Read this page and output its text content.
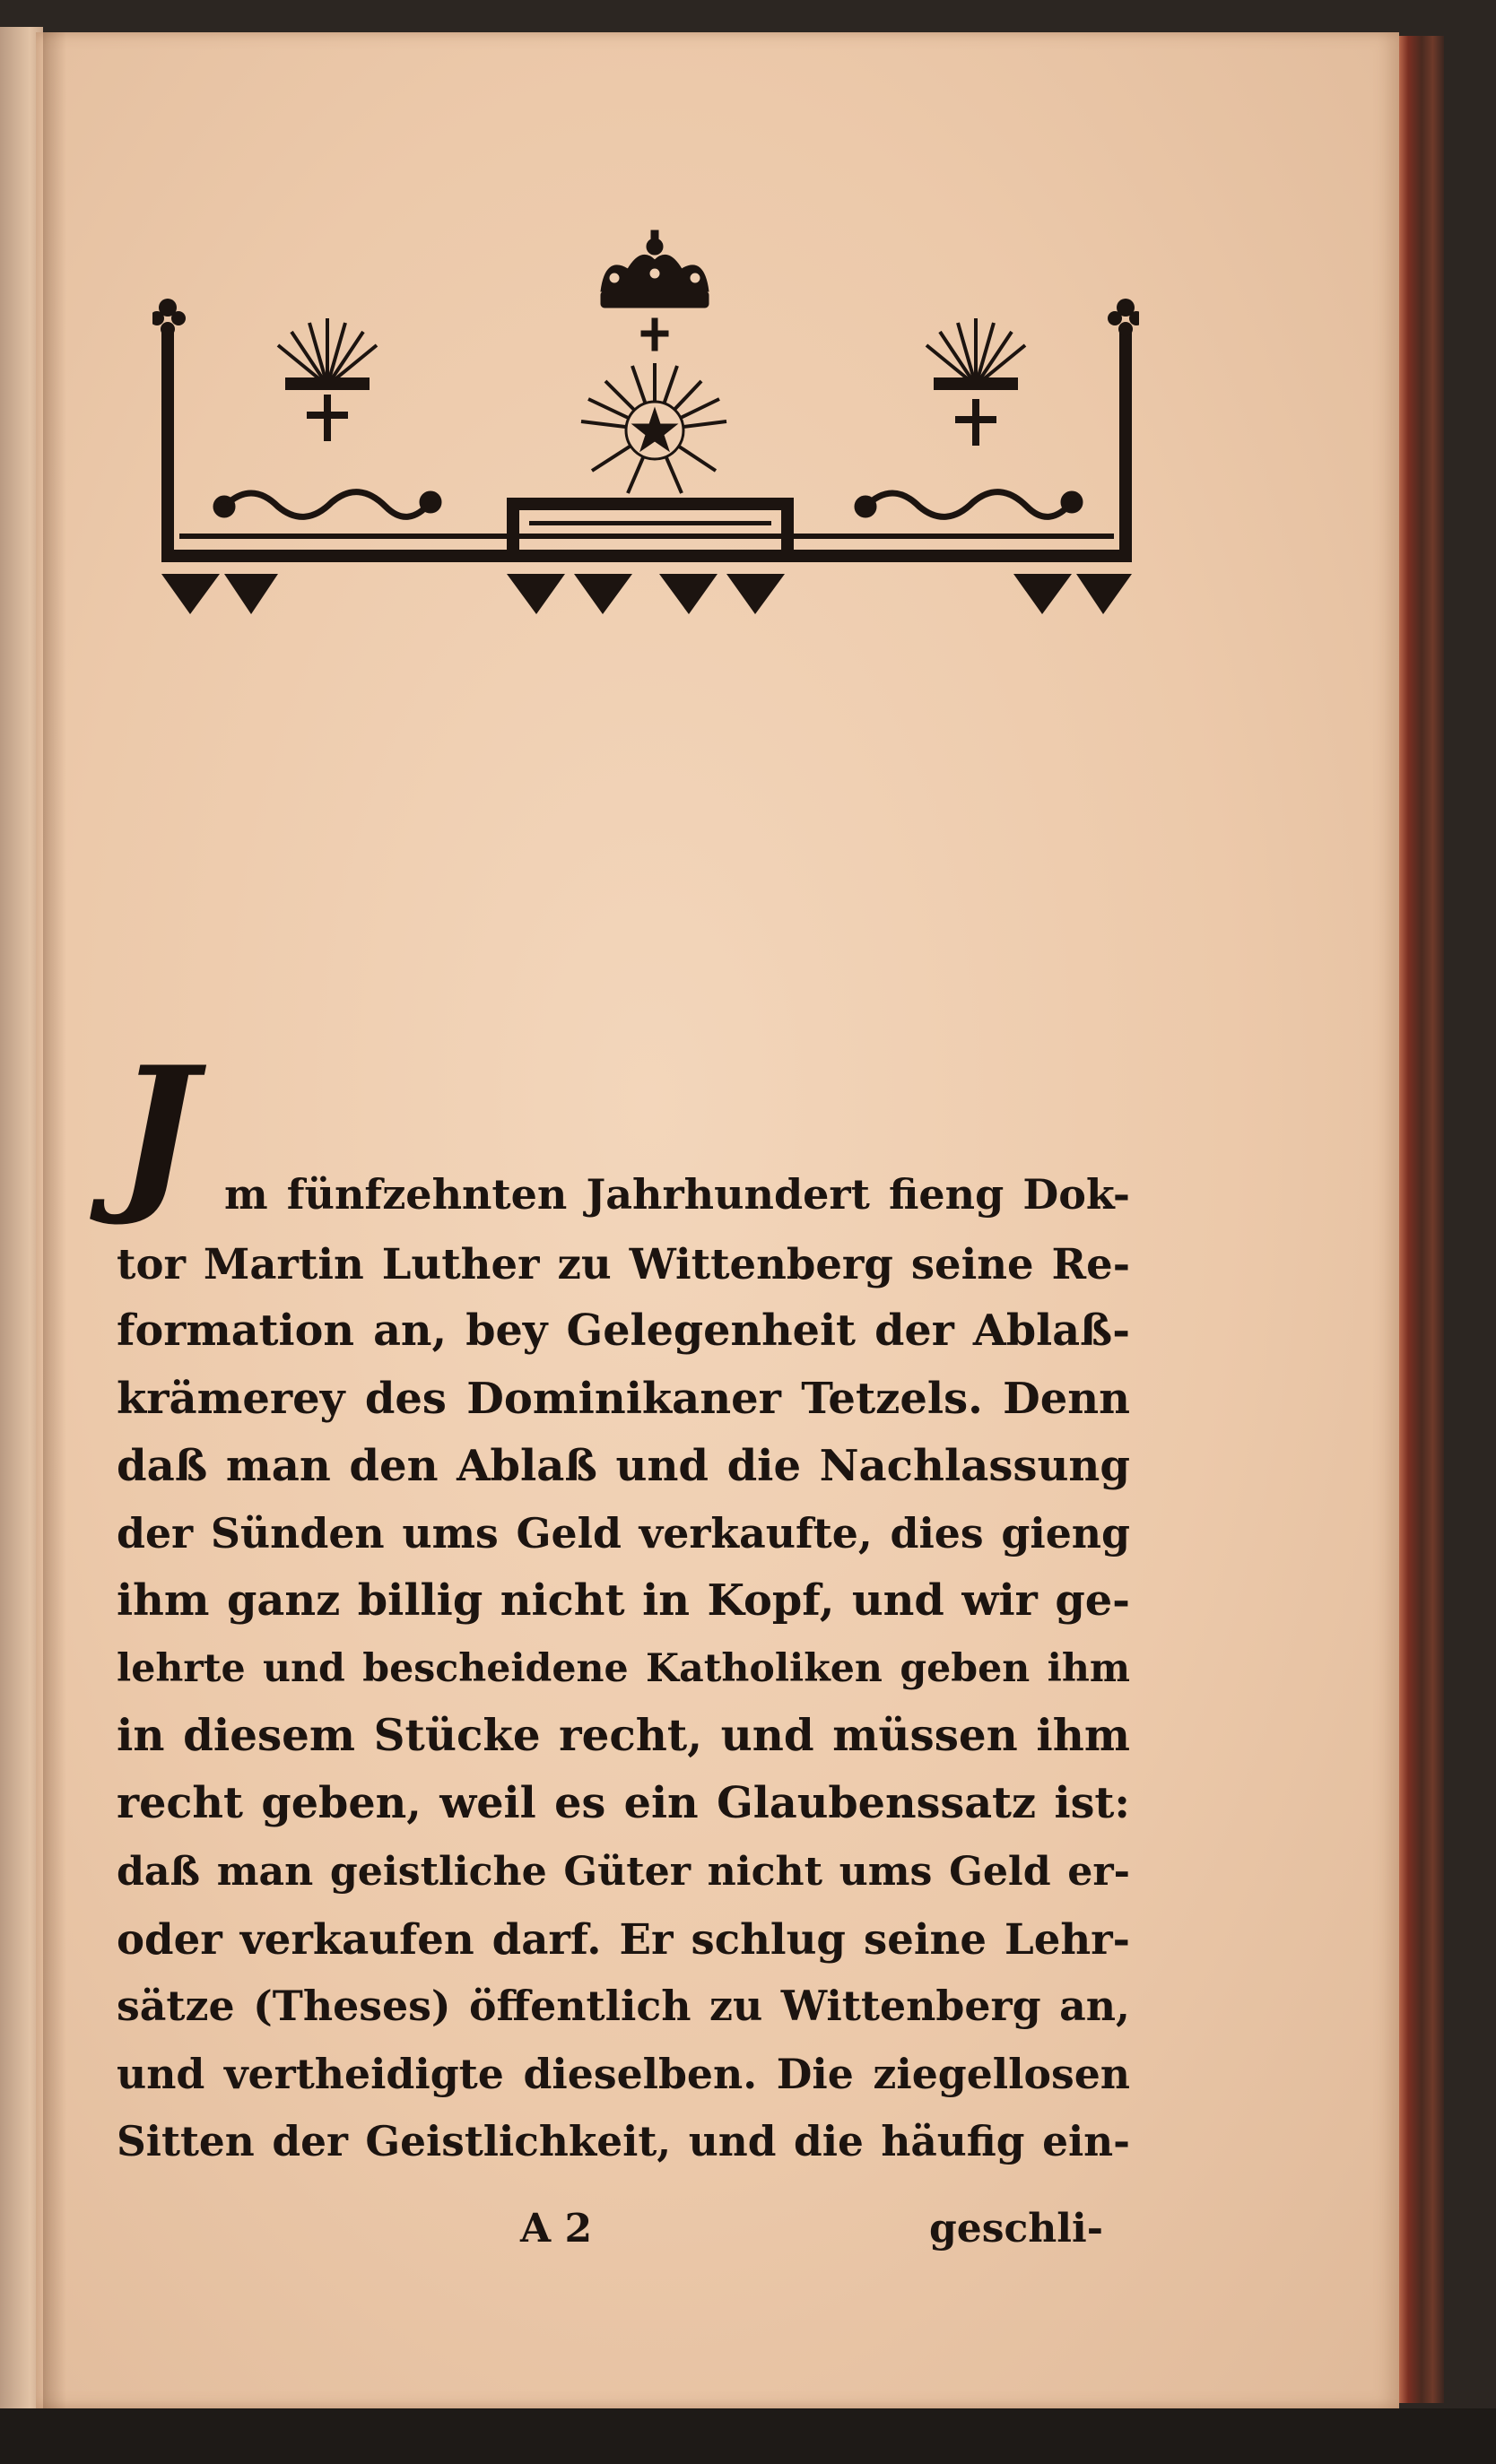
J m fünfzehnten Jahrhundert fieng Dok-
tor Martin Luther zu Wittenberg seine Re-
formation an, bey Gelegenheit der Ablaß-
krämerey des Dominikaner Tetzels. Denn
daß man den Ablaß und die Nachlassung
der Sünden ums Geld verkaufte, dies gieng
ihm ganz billig nicht in Kopf, und wir ge-
lehrte und bescheidene Katholiken geben ihm
in diesem Stücke recht, und müssen ihm
recht geben, weil es ein Glaubenssatz ist:
daß man geistliche Güter nicht ums Geld er-
oder verkaufen darf. Er schlug seine Lehr-
sätze (Theses) öffentlich zu Wittenberg an,
und vertheidigte dieselben. Die ziegellosen
Sitten der Geistlichkeit, und die häufig ein-
A 2	geschli-
